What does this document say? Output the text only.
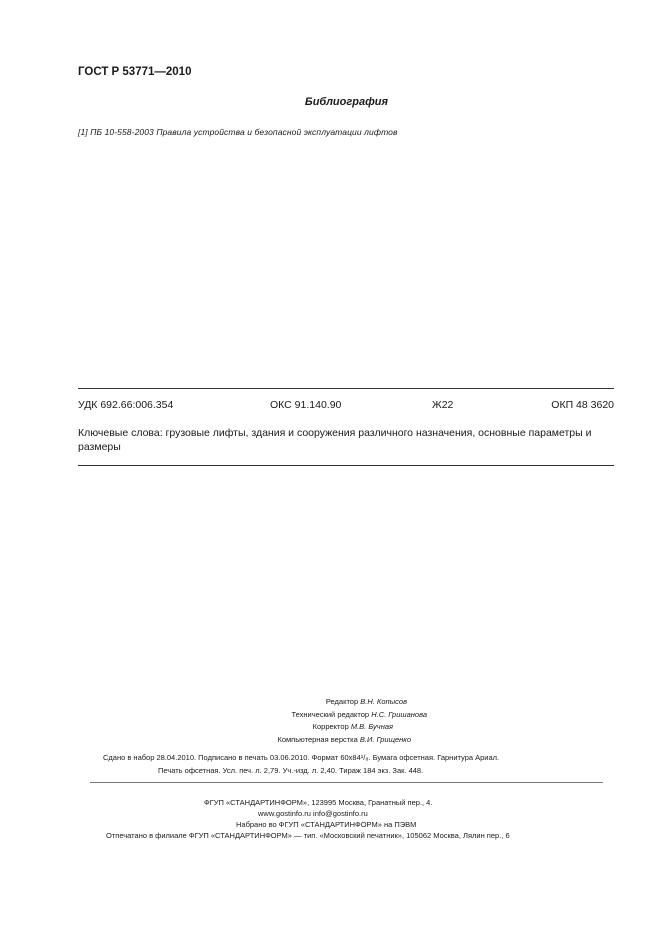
ГОСТ Р 53771—2010
Библиография
[1] ПБ 10-558-2003 Правила устройства и безопасной эксплуатации лифтов
УДК 692.66:006.354	ОКС 91.140.90	Ж22	ОКП 48 3620
Ключевые слова: грузовые лифты, здания и сооружения различного назначения, основные параметры и размеры
Редактор В.Н. Копысов
Технический редактор Н.С. Гришанова
Корректор М.В. Бучная
Компьютерная верстка В.И. Грищенко
Сдано в набор 28.04.2010. Подписано в печать 03.06.2010. Формат 60x84¹/₈. Бумага офсетная. Гарнитура Ариал.
Печать офсетная. Усл. печ. л. 2,79. Уч.-изд. л. 2,40. Тираж 184 экз. Зак. 448.
ФГУП «СТАНДАРТИНФОРМ», 123995 Москва, Гранатный пер., 4.
www.gostinfo.ru info@gostinfo.ru
Набрано во ФГУП «СТАНДАРТИНФОРМ» на ПЭВМ
Отпечатано в филиале ФГУП «СТАНДАРТИНФОРМ» — тип. «Московский печатник», 105062 Москва, Лялин пер., 6
